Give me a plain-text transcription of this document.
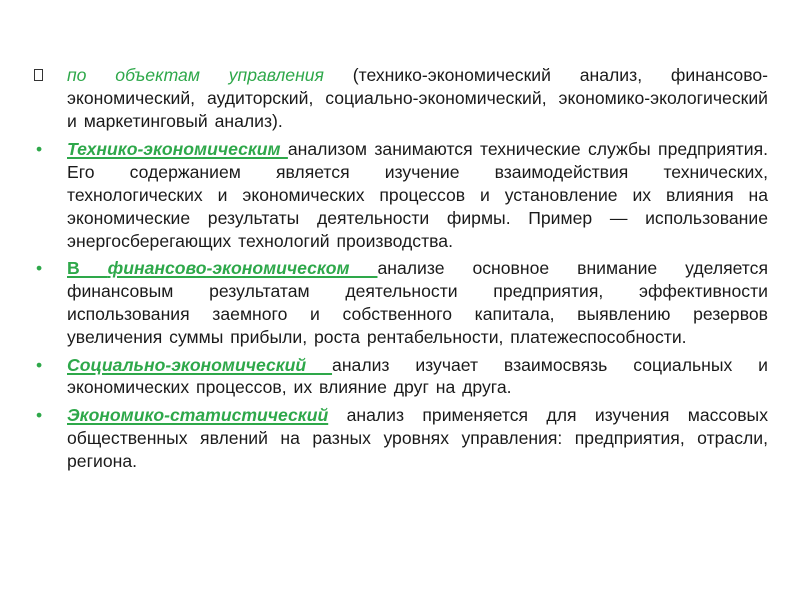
по объектам управления (технико-экономический анализ, финансово-экономический, аудиторский, социально-экономический, экономико-экологический и маркетинговый анализ).
•	Технико-экономическим анализом занимаются технические службы предприятия. Его содержанием является изучение взаимодействия технических, технологических и экономических процессов и установление их влияния на экономические результаты деятельности фирмы. Пример — использование энергосберегающих технологий производства.
•	В финансово-экономическом анализе основное внимание уделяется финансовым результатам деятельности предприятия, эффективности использования заемного и собственного капитала, выявлению резервов увеличения суммы прибыли, роста рентабельности, платежеспособности.
•	Социально-экономический анализ изучает взаимосвязь социальных и экономических процессов, их влияние друг на друга.
•	Экономико-статистический анализ применяется для изучения массовых общественных явлений на разных уровнях управления: предприятия, отрасли, региона.
